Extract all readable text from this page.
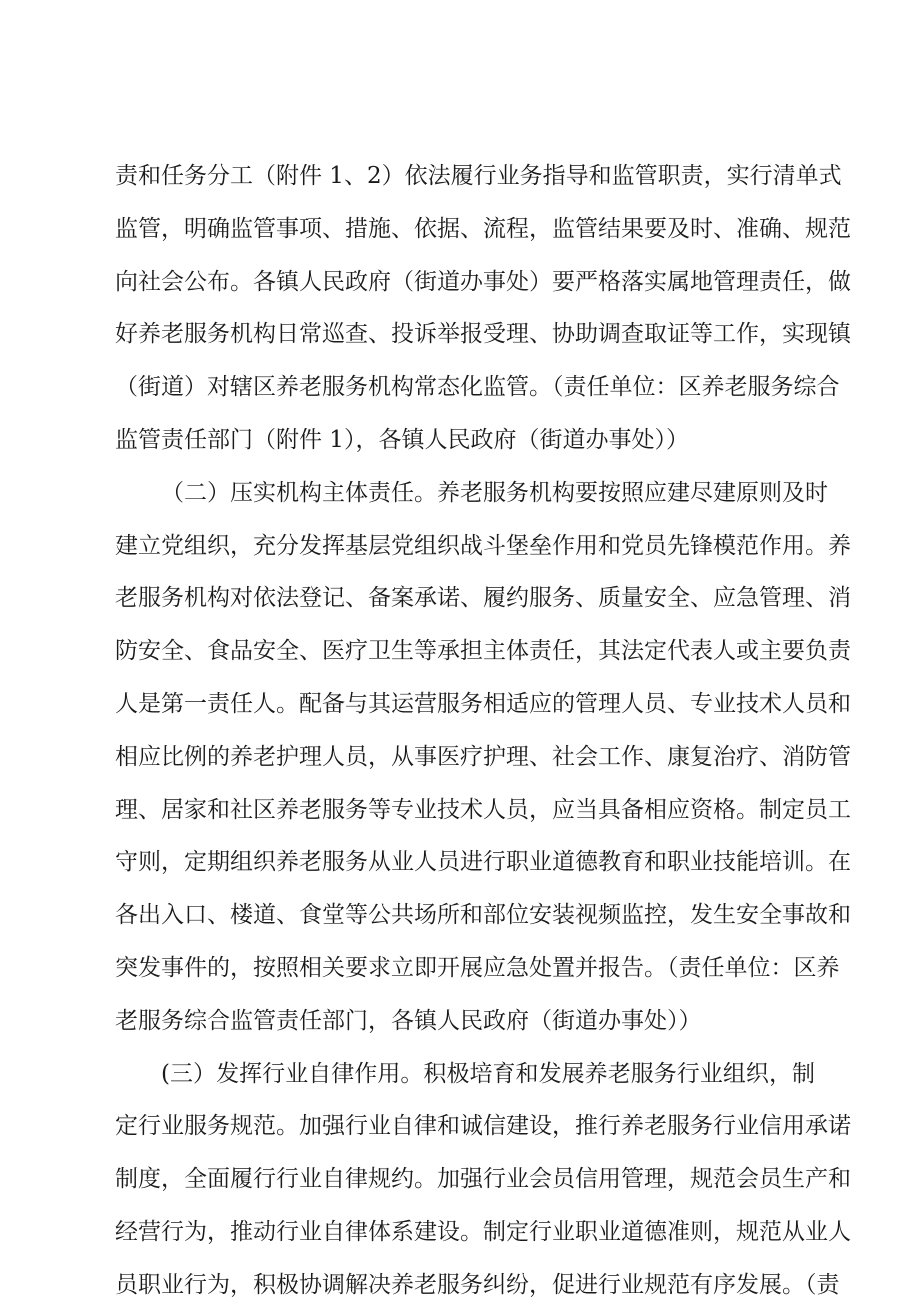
责和任务分工（附件 1、2）依法履行业务指导和监管职责，实行清单式
监管，明确监管事项、措施、依据、流程，监管结果要及时、准确、规范
向社会公布。各镇人民政府（街道办事处）要严格落实属地管理责任，做
好养老服务机构日常巡查、投诉举报受理、协助调查取证等工作，实现镇
（街道）对辖区养老服务机构常态化监管。（责任单位：区养老服务综合
监管责任部门（附件 1），各镇人民政府（街道办事处））
（二）压实机构主体责任。养老服务机构要按照应建尽建原则及时
建立党组织，充分发挥基层党组织战斗堡垒作用和党员先锋模范作用。养
老服务机构对依法登记、备案承诺、履约服务、质量安全、应急管理、消
防安全、食品安全、医疗卫生等承担主体责任，其法定代表人或主要负责
人是第一责任人。配备与其运营服务相适应的管理人员、专业技术人员和
相应比例的养老护理人员，从事医疗护理、社会工作、康复治疗、消防管
理、居家和社区养老服务等专业技术人员，应当具备相应资格。制定员工
守则，定期组织养老服务从业人员进行职业道德教育和职业技能培训。在
各出入口、楼道、食堂等公共场所和部位安装视频监控，发生安全事故和
突发事件的，按照相关要求立即开展应急处置并报告。（责任单位：区养
老服务综合监管责任部门，各镇人民政府（街道办事处））
(三）发挥行业自律作用。积极培育和发展养老服务行业组织，制
定行业服务规范。加强行业自律和诚信建设，推行养老服务行业信用承诺
制度，全面履行行业自律规约。加强行业会员信用管理，规范会员生产和
经营行为，推动行业自律体系建设。制定行业职业道德准则，规范从业人
员职业行为，积极协调解决养老服务纠纷，促进行业规范有序发展。（责
